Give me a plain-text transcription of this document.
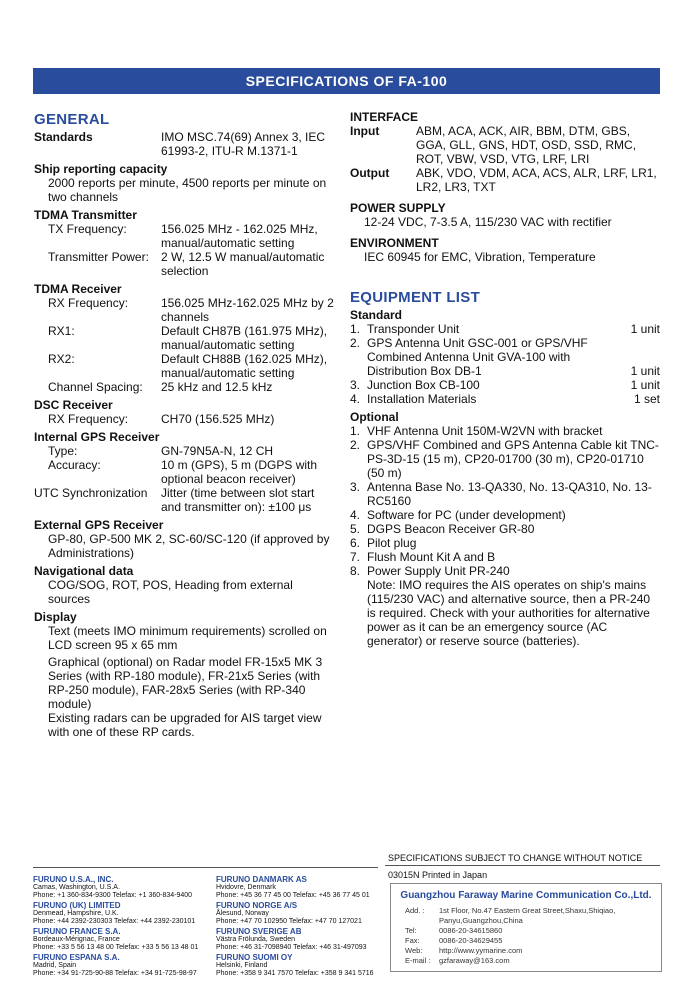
SPECIFICATIONS OF FA-100
GENERAL
Standards	IMO MSC.74(69) Annex 3, IEC 61993-2, ITU-R M.1371-1
Ship reporting capacity
2000 reports per minute, 4500 reports per minute on two channels
TDMA Transmitter
TX Frequency:	156.025 MHz - 162.025 MHz, manual/automatic setting
Transmitter Power:	2 W, 12.5 W manual/automatic selection
TDMA Receiver
RX Frequency:	156.025 MHz-162.025 MHz by 2 channels
RX1:	Default CH87B (161.975 MHz), manual/automatic setting
RX2:	Default CH88B (162.025 MHz), manual/automatic setting
Channel Spacing:	25 kHz and 12.5 kHz
DSC Receiver
RX Frequency:	CH70 (156.525 MHz)
Internal GPS Receiver
Type:	GN-79N5A-N, 12 CH
Accuracy:	10 m (GPS), 5 m (DGPS with optional beacon receiver)
UTC Synchronization	Jitter (time between slot start and transmitter on): ±100 μs
External GPS Receiver
GP-80, GP-500 MK 2, SC-60/SC-120 (if approved by Administrations)
Navigational data
COG/SOG, ROT, POS, Heading from external sources
Display
Text (meets IMO minimum requirements) scrolled on LCD screen 95 x 65 mm
Graphical (optional) on Radar model FR-15x5 MK 3 Series (with RP-180 module), FR-21x5 Series (with RP-250 module), FAR-28x5 Series (with RP-340 module)
Existing radars can be upgraded for AIS target view with one of these RP cards.
INTERFACE
Input	ABM, ACA, ACK, AIR, BBM, DTM, GBS, GGA, GLL, GNS, HDT, OSD, SSD, RMC, ROT, VBW, VSD, VTG, LRF, LRI
Output	ABK, VDO, VDM, ACA, ACS, ALR, LRF, LR1, LR2, LR3, TXT
POWER SUPPLY
12-24 VDC, 7-3.5 A, 115/230 VAC with rectifier
ENVIRONMENT
IEC 60945 for EMC, Vibration, Temperature
EQUIPMENT LIST
Standard
1. Transponder Unit	1 unit
2. GPS Antenna Unit GSC-001 or GPS/VHF Combined Antenna Unit GVA-100 with Distribution Box DB-1	1 unit
3. Junction Box CB-100	1 unit
4. Installation Materials	1 set
Optional
1. VHF Antenna Unit 150M-W2VN with bracket
2. GPS/VHF Combined and GPS Antenna Cable kit TNC-PS-3D-15 (15 m), CP20-01700 (30 m), CP20-01710 (50 m)
3. Antenna Base No. 13-QA330, No. 13-QA310, No. 13-RC5160
4. Software for PC (under development)
5. DGPS Beacon Receiver GR-80
6. Pilot plug
7. Flush Mount Kit A and B
8. Power Supply Unit PR-240
Note: IMO requires the AIS operates on ship's mains (115/230 VAC) and alternative source, then a PR-240 is required. Check with your authorities for alternative power as it can be an emergency source (AC generator) or reserve source (batteries).
SPECIFICATIONS SUBJECT TO CHANGE WITHOUT NOTICE
03015N Printed in Japan
FURUNO U.S.A., INC.
Camas, Washington, U.S.A.
Phone: +1 360-834-9300 Telefax: +1 360-834-9400
FURUNO (UK) LIMITED
Denmead, Hampshire, U.K.
Phone: +44 2392-230303 Telefax: +44 2392-230101
FURUNO FRANCE S.A.
Bordeaux-Mérignac, France
Phone: +33 5 56 13 48 00 Telefax: +33 5 56 13 48 01
FURUNO ESPANA S.A.
Madrid, Spain
Phone: +34 91-725-90-88 Telefax: +34 91-725-98-97
FURUNO DANMARK AS
Hvidovre, Denmark
Phone: +45 36 77 45 00 Telefax: +45 36 77 45 01
FURUNO NORGE A/S
Ålesund, Norway
Phone: +47 70 102950 Telefax: +47 70 127021
FURUNO SVERIGE AB
Västra Frölunda, Sweden
Phone: +46 31-7098940 Telefax: +46 31-497093
FURUNO SUOMI OY
Helsinki, Finland
Phone: +358 9 341 7570 Telefax: +358 9 341 5716
Guangzhou Faraway Marine Communication Co.,Ltd.
Add. :	1st Floor, No.47 Eastern Great Street,Shaxu,Shiqiao,
Panyu,Guangzhou,China
Tel:	0086-20-34615860
Fax:	0086-20-34629455
Web:	http://www.yymarine.com
E-mail :	gzfaraway@163.com
